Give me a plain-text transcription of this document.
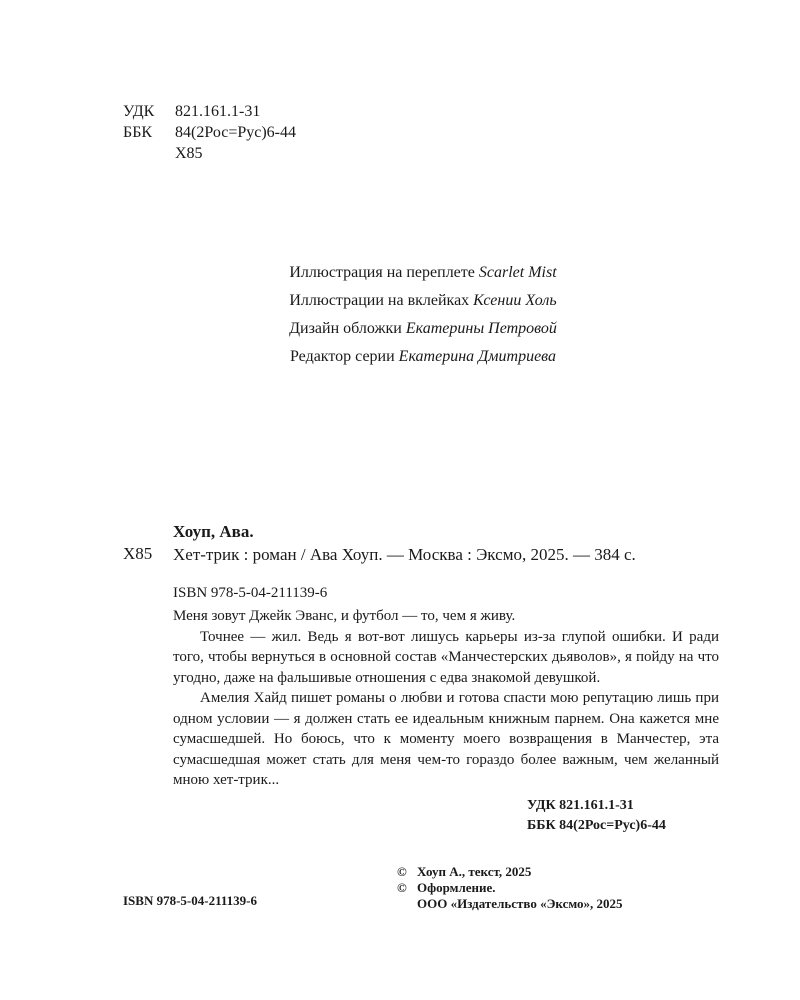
УДК	821.161.1-31
ББК	84(2Рос=Рус)6-44
Х85
Иллюстрация на переплете Scarlet Mist
Иллюстрации на вклейках Ксении Холь
Дизайн обложки Екатерины Петровой
Редактор серии Екатерина Дмитриева
Хоуп, Ава.
Х85 Хет-трик : роман / Ава Хоуп. — Москва : Эксмо, 2025. — 384 с.
ISBN 978-5-04-211139-6
Меня зовут Джейк Эванс, и футбол — то, чем я живу.
Точнее — жил. Ведь я вот-вот лишусь карьеры из-за глупой ошибки. И ради того, чтобы вернуться в основной состав «Манчестерских дьяволов», я пойду на что угодно, даже на фальшивые отношения с едва знакомой девушкой.
Амелия Хайд пишет романы о любви и готова спасти мою репутацию лишь при одном условии — я должен стать ее идеальным книжным парнем. Она кажется мне сумасшедшей. Но боюсь, что к моменту моего возвращения в Манчестер, эта сумасшедшая может стать для меня чем-то гораздо более важным, чем желанный мною хет-трик...
УДК 821.161.1-31
ББК 84(2Рос=Рус)6-44
ISBN 978-5-04-211139-6
© Хоуп А., текст, 2025
© Оформление.
ООО «Издательство «Эксмо», 2025
